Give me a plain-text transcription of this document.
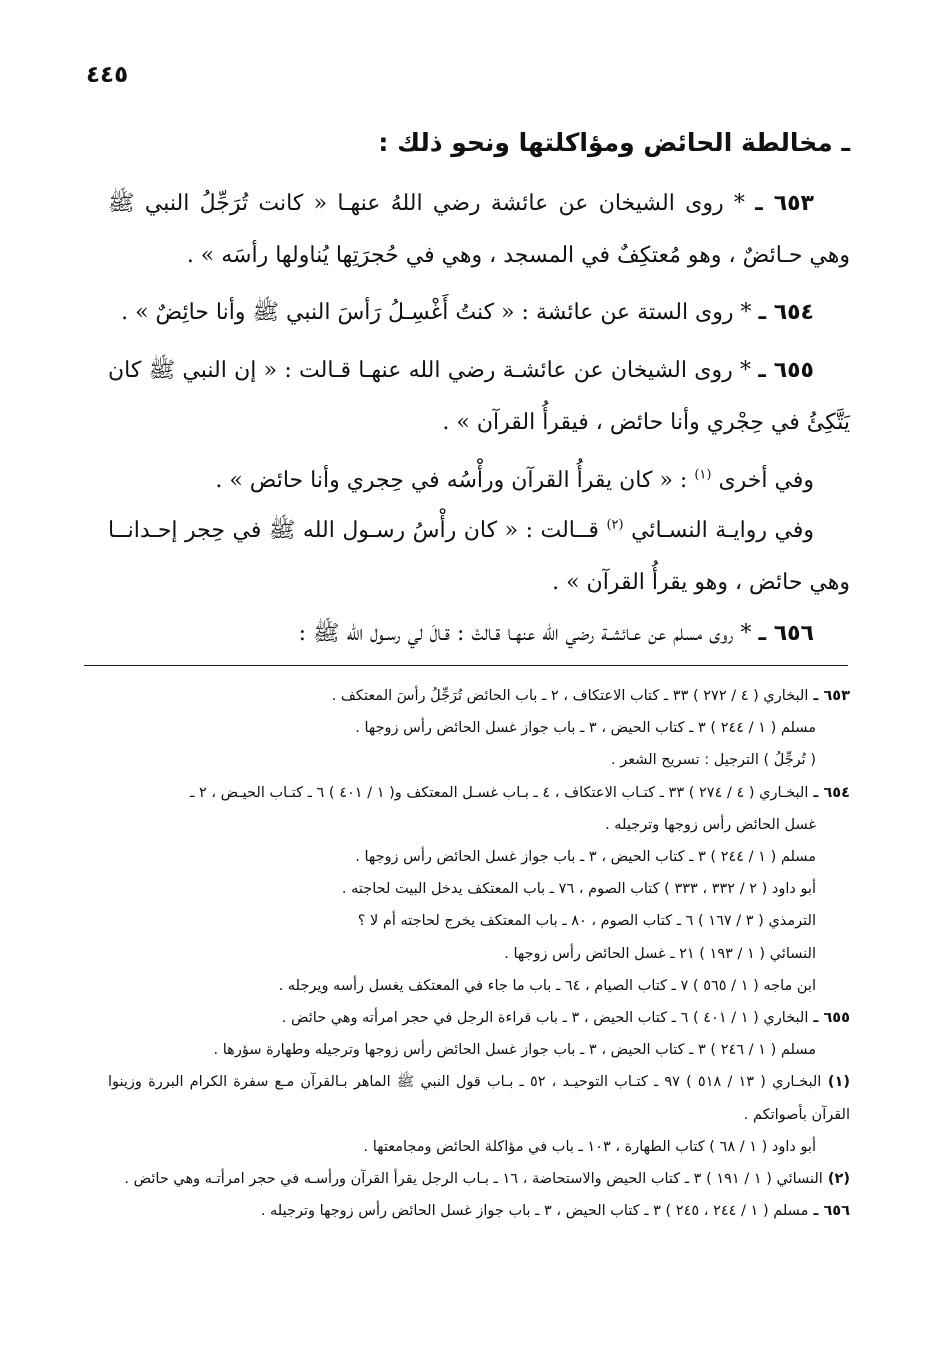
٤٤٥
ـ مخالطة الحائض ومؤاكلتها ونحو ذلك :

٦٥٣ ـ * روى الشيخان عن عائشة رضي اللهُ عنهـا « كانت تُرَجِّلُ النبي ﷺ وهي حـائضٌ ، وهو مُعتكِفٌ في المسجد ، وهي في حُجرَتِها يُناولها رأسَه » .

٦٥٤ ـ * روى الستة عن عائشة : « كنتُ أَغْسِـلُ رَأسَ النبي ﷺ وأنا حائِضٌ » .

٦٥٥ ـ * روى الشيخان عن عائشـة رضي الله عنهـا قـالت : « إن النبي ﷺ كان يَتَّكِئُ في حِجْري وأنا حائض ، فيقرأُ القرآن » .

وفي أخرى $^{(١)}$ : « كان يقرأُ القرآن ورأْسُه في حِجري وأنا حائض » .

وفي روايـة النسـائي $^{(٢)}$ قــالت : « كان رأْسُ رسـول الله ﷺ في حِجر إحـدانــا وهي حائض ، وهو يقرأُ القرآن » .

٦٥٦ ـ * روى مسلم عن عـائشـة رضي الله عنهـا قـالتْ : قـالَ لي رسـول الله ﷺ :

٦٥٣ ـ البخاري ( ٤ / ٢٧٢ ) ٣٣ ـ كتاب الاعتكاف ، ٢ ـ باب الحائض تُرَجِّلُ رأسَ المعتكف .

مسلم ( ١ / ٢٤٤ ) ٣ ـ كتاب الحيض ، ٣ ـ باب جواز غسل الحائض رأس زوجها .

( تُرجِّلُ ) الترجيل : تسريح الشعر .

٦٥٤ ـ البخـاري ( ٤ / ٢٧٤ ) ٣٣ ـ كتـاب الاعتكاف ، ٤ ـ بـاب غسـل المعتكف و( ١ / ٤٠١ ) ٦ ـ كتـاب الحيـض ، ٢ ـ

غسل الحائض رأس زوجها وترجيله .

مسلم ( ١ / ٢٤٤ ) ٣ ـ كتاب الحيض ، ٣ ـ باب جواز غسل الحائض رأس زوجها .

أبو داود ( ٢ / ٣٣٢ ، ٣٣٣ ) كتاب الصوم ، ٧٦ ـ باب المعتكف يدخل البيت لحاجته .

الترمذي ( ٣ / ١٦٧ ) ٦ ـ كتاب الصوم ، ٨٠ ـ باب المعتكف يخرج لحاجته أم لا ؟

النسائي ( ١ / ١٩٣ ) ٢١ ـ غسل الحائض رأس زوجها .

ابن ماجه ( ١ / ٥٦٥ ) ٧ ـ كتاب الصيام ، ٦٤ ـ باب ما جاء في المعتكف يغسل رأسه ويرجله .

٦٥٥ ـ البخاري ( ١ / ٤٠١ ) ٦ ـ كتاب الحيض ، ٣ ـ باب قراءة الرجل في حجر امرأته وهي حائض .

مسلم ( ١ / ٢٤٦ ) ٣ ـ كتاب الحيض ، ٣ ـ باب جواز غسل الحائض رأس زوجها وترجيله وطهارة سؤرها .

(١) البخـاري ( ١٣ / ٥١٨ ) ٩٧ ـ كتـاب التوحيـد ، ٥٢ ـ بـاب قول النبي ﷺ الماهر بـالقرآن مـع سفرة الكرام البررة وزينوا القرآن بأصواتكم .

أبو داود ( ١ / ٦٨ ) كتاب الطهارة ، ١٠٣ ـ باب في مؤاكلة الحائض ومجامعتها .

(٢) النسائي ( ١ / ١٩١ ) ٣ ـ كتاب الحيض والاستحاضة ، ١٦ ـ بـاب الرجل يقرأ القرآن ورأسـه في حجر امرأتـه وهي حائض .

٦٥٦ ـ مسلم ( ١ / ٢٤٤ ، ٢٤٥ ) ٣ ـ كتاب الحيض ، ٣ ـ باب جواز غسل الحائض رأس زوجها وترجيله .
